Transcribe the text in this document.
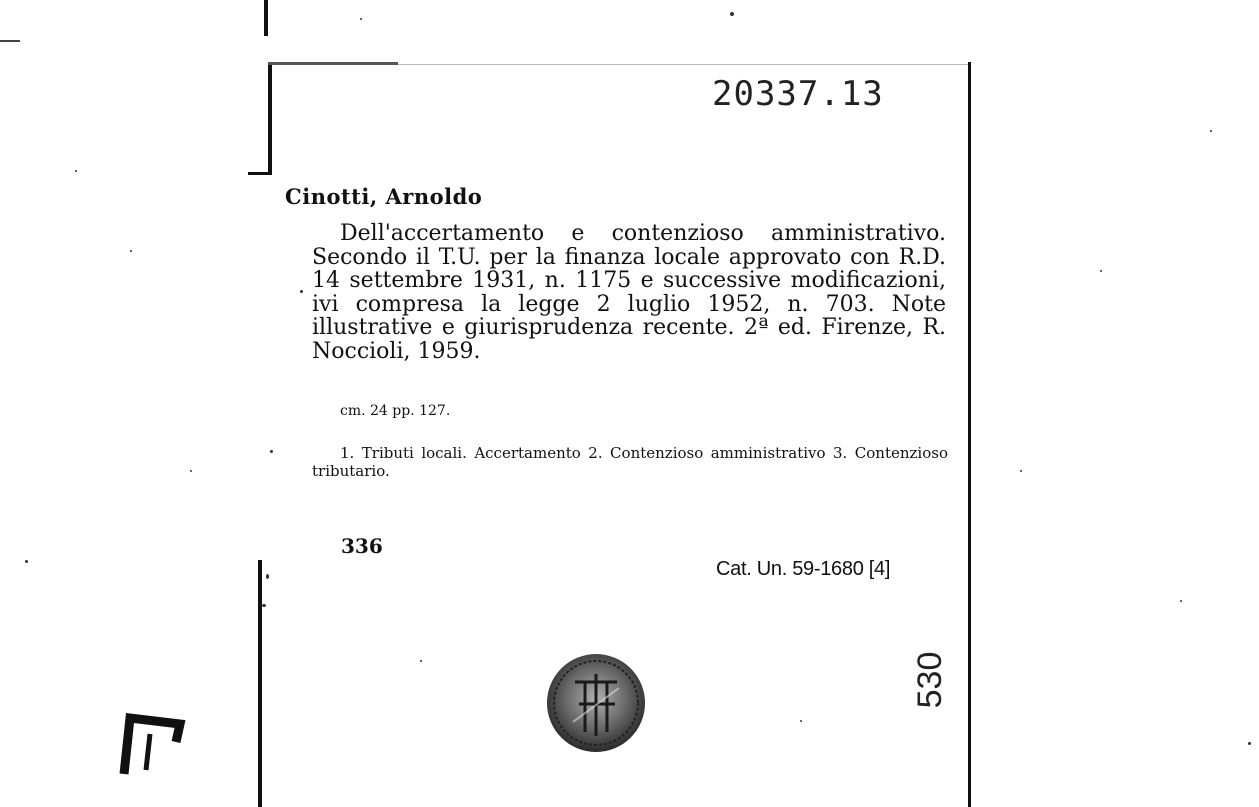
20337.13
Cinotti, Arnoldo
Dell'accertamento e contenzioso amministrativo. Secondo il T.U. per la finanza locale approvato con R.D. 14 settembre 1931, n. 1175 e successive modificazioni, ivi compresa la legge 2 luglio 1952, n. 703. Note illustrative e giurisprudenza recente. 2ª ed. Firenze, R. Noccioli, 1959.
cm. 24 pp. 127.
1. Tributi locali. Accertamento 2. Contenzioso amministrativo 3. Contenzioso tributario.
336
Cat. Un. 59-1680 [4]
530
